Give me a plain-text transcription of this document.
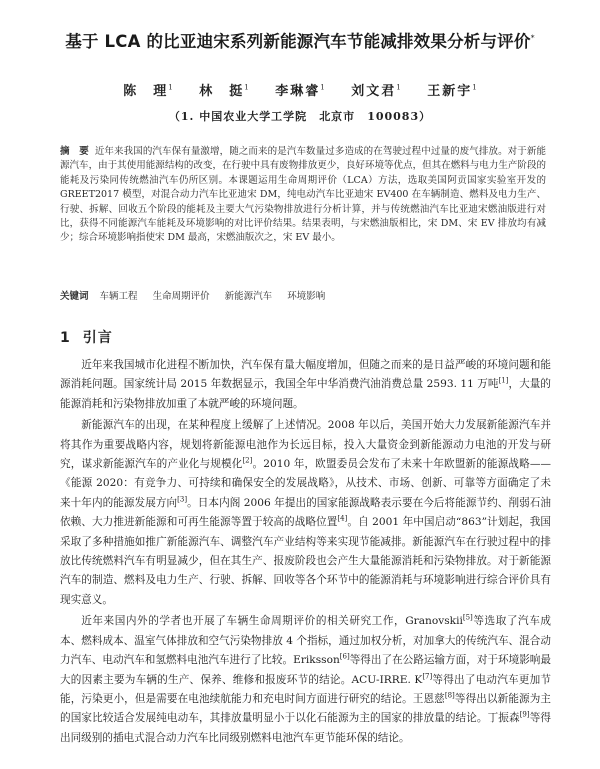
基于 LCA 的比亚迪宋系列新能源汽车节能减排效果分析与评价*
陈　理$^1$ 林　挺$^1$ 李琳睿$^1$ 刘文君$^1$ 王新宇$^1$
（1. 中国农业大学工学院 北京市 100083）
摘　要 近年来我国的汽车保有量激增，随之而来的是汽车数量过多造成的在驾驶过程中过量的废气排放。对于新能源汽车，由于其使用能源结构的改变，在行驶中具有废物排放更少，良好环境等优点，但其在燃料与电力生产阶段的能耗及污染同传统燃油汽车仍所区别。本课题运用生命周期评价（LCA）方法，选取美国阿贡国家实验室开发的 GREET2017 模型，对混合动力汽车比亚迪宋 DM，纯电动汽车比亚迪宋 EV400 在车辆制造、燃料及电力生产、行驶、拆解、回收五个阶段的能耗及主要大气污染物排放进行分析计算，并与传统燃油汽车比亚迪宋燃油版进行对比，获得不同能源汽车能耗及环境影响的对比评价结果。结果表明，与宋燃油版相比，宋 DM、宋 EV 排放均有减少；综合环境影响指使宋 DM 最高，宋燃油版次之，宋 EV 最小。
关键词 车辆工程 生命周期评价 新能源汽车 环境影响
1 引言

近年来我国城市化进程不断加快，汽车保有量大幅度增加，但随之而来的是日益严峻的环境问题和能源消耗问题。国家统计局 2015 年数据显示，我国全年中华消费汽油消费总量 2593. 11 万吨[1]，大量的能源消耗和污染物排放加重了本就严峻的环境问题。

新能源汽车的出现，在某种程度上缓解了上述情况。2008 年以后，美国开始大力发展新能源汽车并将其作为重要战略内容，规划将新能源电池作为长远目标，投入大量资金到新能源动力电池的开发与研究，谋求新能源汽车的产业化与规模化[2]。2010 年，欧盟委员会发布了未来十年欧盟新的能源战略——《能源 2020：有竞争力、可持续和确保安全的发展战略》，从技术、市场、创新、可靠等方面确定了未来十年内的能源发展方向[3]。日本内阁 2006 年提出的国家能源战略表示要在今后将能源节约、削弱石油依赖、大力推进新能源和可再生能源等置于较高的战略位置[4]。自 2001 年中国启动“863”计划起，我国采取了多种措施如推广新能源汽车、调整汽车产业结构等来实现节能减排。新能源汽车在行驶过程中的排放比传统燃料汽车有明显减少，但在其生产、报废阶段也会产生大量能源消耗和污染物排放。对于新能源汽车的制造、燃料及电力生产、行驶、拆解、回收等各个环节中的能源消耗与环境影响进行综合评价具有现实意义。

近年来国内外的学者也开展了车辆生命周期评价的相关研究工作，Granovskii[5]等选取了汽车成本、燃料成本、温室气体排放和空气污染物排放 4 个指标，通过加权分析，对加拿大的传统汽车、混合动力汽车、电动汽车和氢燃料电池汽车进行了比较。Eriksson[6]等得出了在公路运输方面，对于环境影响最大的因素主要为车辆的生产、保养、维修和报废环节的结论。ACU-IRRE. K[7]等得出了电动汽车更加节能，污染更小，但是需要在电池续航能力和充电时间方面进行研究的结论。王恩慈[8]等得出以新能源为主的国家比较适合发展纯电动车，其排放量明显小于以化石能源为主的国家的排放量的结论。丁振森[9]等得出同级别的插电式混合动力汽车比同级别燃料电池汽车更节能环保的结论。
